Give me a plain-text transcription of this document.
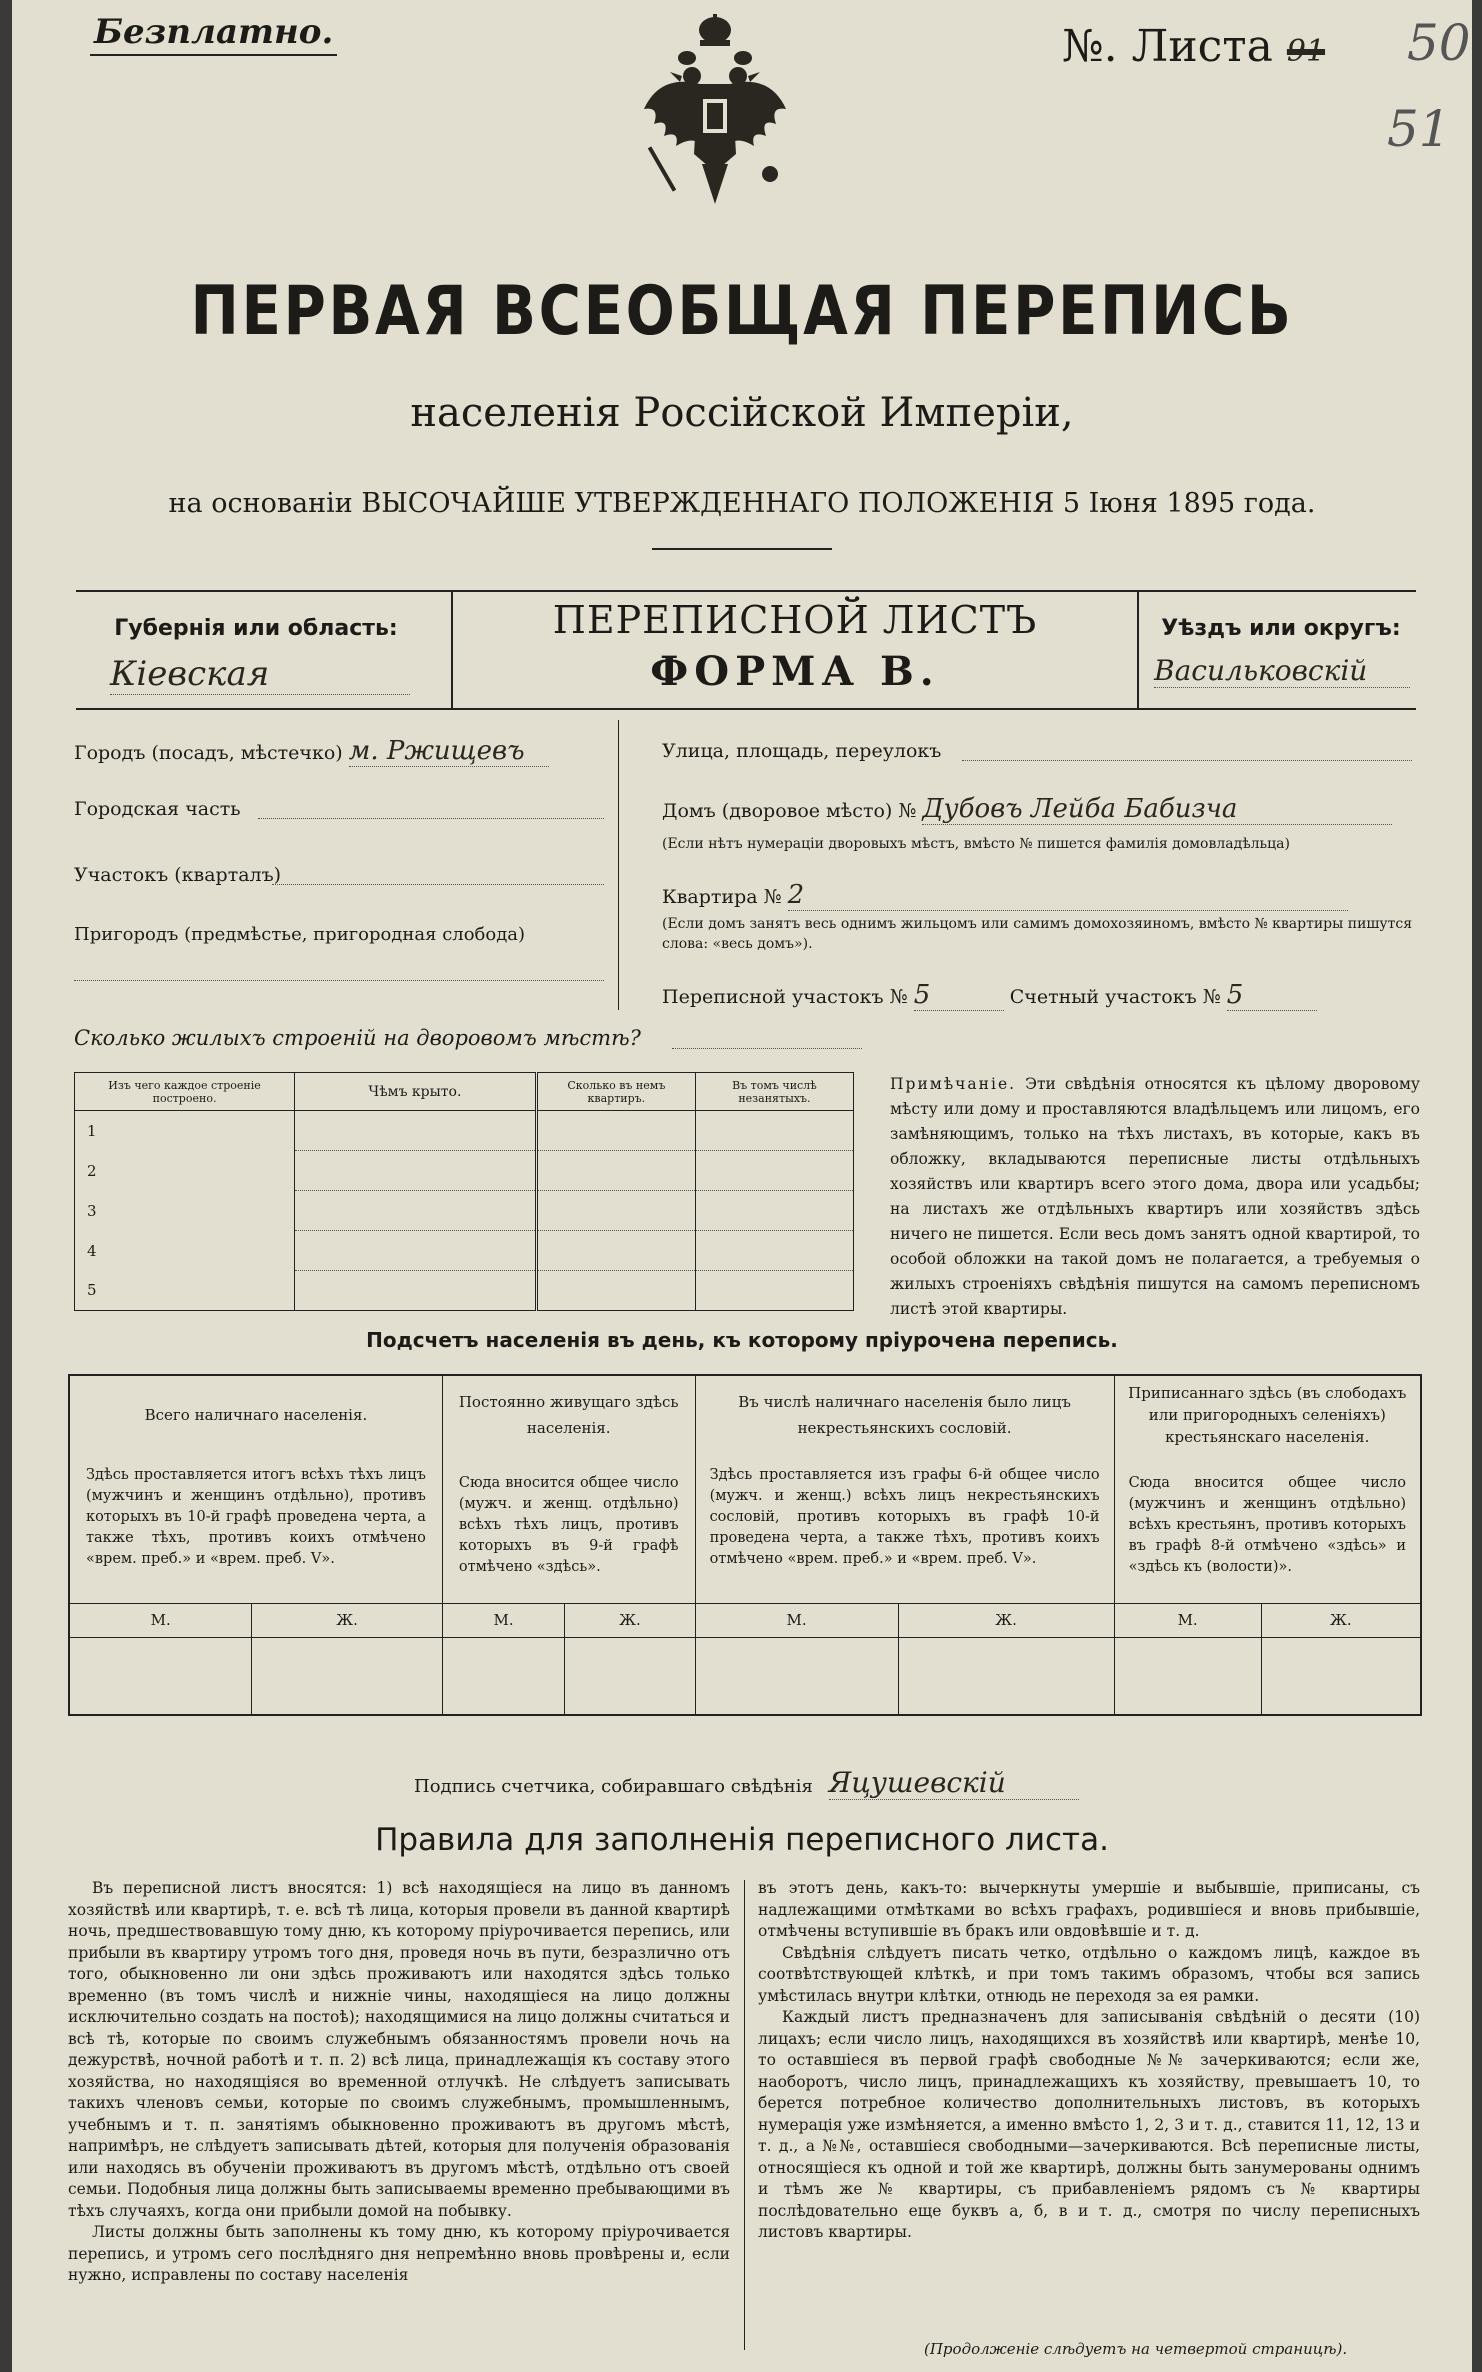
Безплатно.	№. Листа 91 50
51
ПЕРВАЯ ВСЕОБЩАЯ ПЕРЕПИСЬ
населенія Россійской Имперіи,
на основаніи ВЫСОЧАЙШЕ УТВЕРЖДЕННАГО ПОЛОЖЕНІЯ 5 Іюня 1895 года.
Губернія или область:
Кіевская
ПЕРЕПИСНОЙ ЛИСТЪ
ФОРМА В.
Уѣздъ или округъ:
Васильковскій
Городъ (посадъ, мѣстечко) м. Ржищевъ
Городская часть
Участокъ (кварталъ)
Пригородъ (предмѣстье, пригородная слобода)
Улица, площадь, переулокъ
Домъ (дворовое мѣсто) № Дубовъ Лейба Бабизча
(Если нѣтъ нумераціи дворовыхъ мѣстъ, вмѣсто № пишется фамилія домовладѣльца)
Квартира № 2
(Если домъ занятъ весь однимъ жильцомъ или самимъ домохозяиномъ, вмѣсто № квартиры пишутся слова: «весь домъ»).
Переписной участокъ № 5	Счетный участокъ № 5
Сколько жилыхъ строеній на дворовомъ мѣстѣ?
Изъ чего каждое строеніе построено.	Чѣмъ крыто.	Сколько въ немъ квартиръ.	Въ томъ числѣ незанятыхъ.
1			
2			
3			
4			
5			
Примѣчаніе. Эти свѣдѣнія относятся къ цѣлому дворовому мѣсту или дому и проставляются владѣльцемъ или лицомъ, его замѣняющимъ, только на тѣхъ листахъ, въ которые, какъ въ обложку, вкладываются переписные листы отдѣльныхъ хозяйствъ или квартиръ всего этого дома, двора или усадьбы; на листахъ же отдѣльныхъ квартиръ или хозяйствъ здѣсь ничего не пишется. Если весь домъ занятъ одной квартирой, то особой обложки на такой домъ не полагается, а требуемыя о жилыхъ строеніяхъ свѣдѣнія пишутся на самомъ переписномъ листѣ этой квартиры.
Подсчетъ населенія въ день, къ которому пріурочена перепись.
Всего наличнаго населенія.		Постоянно живущаго здѣсь населенія.		Въ числѣ наличнаго населенія было лицъ некрестьянскихъ сословій.		Приписаннаго здѣсь (въ слободахъ или пригородныхъ селеніяхъ) крестьянскаго населенія.	
Здѣсь проставляется итогъ всѣхъ тѣхъ лицъ (мужчинъ и женщинъ отдѣльно), противъ которыхъ въ 10-й графѣ проведена черта, а также тѣхъ, противъ коихъ отмѣчено «врем. преб.» и «врем. преб. V».		Сюда вносится общее число (мужч. и женщ. отдѣльно) всѣхъ тѣхъ лицъ, противъ которыхъ въ 9-й графѣ отмѣчено «здѣсь».		Здѣсь проставляется изъ графы 6-й общее число (мужч. и женщ.) всѣхъ лицъ некрестьянскихъ сословій, противъ которыхъ въ графѣ 10-й проведена черта, а также тѣхъ, противъ коихъ отмѣчено «врем. преб.» и «врем. преб. V».		Сюда вносится общее число (мужчинъ и женщинъ отдѣльно) всѣхъ крестьянъ, противъ которыхъ въ графѣ 8-й отмѣчено «здѣсь» и «здѣсь къ (волости)».	
М.	Ж.	М.	Ж.	М.	Ж.	М.	Ж.

Подпись счетчика, собиравшаго свѣдѣнія Яцушевскій
Правила для заполненія переписного листа.

Въ переписной листъ вносятся: 1) всѣ находящіеся на лицо въ данномъ хозяйствѣ или квартирѣ, т. е. всѣ тѣ лица, которыя провели въ данной квартирѣ ночь, предшествовавшую тому дню, къ которому пріурочивается перепись, или прибыли въ квартиру утромъ того дня, проведя ночь въ пути, безразлично отъ того, обыкновенно ли они здѣсь проживаютъ или находятся здѣсь только временно (въ томъ числѣ и нижніе чины, находящіеся на лицо должны исключительно создать на постоѣ); находящимися на лицо должны считаться и всѣ тѣ, которые по своимъ служебнымъ обязанностямъ провели ночь на дежурствѣ, ночной работѣ и т. п. 2) всѣ лица, принадлежащія къ составу этого хозяйства, но находящіяся во временной отлучкѣ. Не слѣдуетъ записывать такихъ членовъ семьи, которые по своимъ служебнымъ, промышленнымъ, учебнымъ и т. п. занятіямъ обыкновенно проживаютъ въ другомъ мѣстѣ, напримѣръ, не слѣдуетъ записывать дѣтей, которыя для полученія образованія или находясь въ обученіи проживаютъ въ другомъ мѣстѣ, отдѣльно отъ своей семьи. Подобныя лица должны быть записываемы временно пребывающими въ тѣхъ случаяхъ, когда они прибыли домой на побывку.

Листы должны быть заполнены къ тому дню, къ которому пріурочивается перепись, и утромъ сего послѣдняго дня непремѣнно вновь провѣрены и, если нужно, исправлены по составу населенія

въ этотъ день, какъ-то: вычеркнуты умершіе и выбывшіе, приписаны, съ надлежащими отмѣтками во всѣхъ графахъ, родившіеся и вновь прибывшіе, отмѣчены вступившіе въ бракъ или овдовѣвшіе и т. д.

Свѣдѣнія слѣдуетъ писать четко, отдѣльно о каждомъ лицѣ, каждое въ соотвѣтствующей клѣткѣ, и при томъ такимъ образомъ, чтобы вся запись умѣстилась внутри клѣтки, отнюдь не переходя за ея рамки.

Каждый листъ предназначенъ для записыванія свѣдѣній о десяти (10) лицахъ; если число лицъ, находящихся въ хозяйствѣ или квартирѣ, менѣе 10, то оставшіеся въ первой графѣ свободные №№ зачеркиваются; если же, наоборотъ, число лицъ, принадлежащихъ къ хозяйству, превышаетъ 10, то берется потребное количество дополнительныхъ листовъ, въ которыхъ нумерація уже измѣняется, а именно вмѣсто 1, 2, 3 и т. д., ставится 11, 12, 13 и т. д., а №№, оставшіеся свободными—зачеркиваются. Всѣ переписные листы, относящіеся къ одной и той же квартирѣ, должны быть занумерованы однимъ и тѣмъ же № квартиры, съ прибавленіемъ рядомъ съ № квартиры послѣдовательно еще буквъ а, б, в и т. д., смотря по числу переписныхъ листовъ квартиры.

(Продолженіе слѣдуетъ на четвертой страницѣ).
